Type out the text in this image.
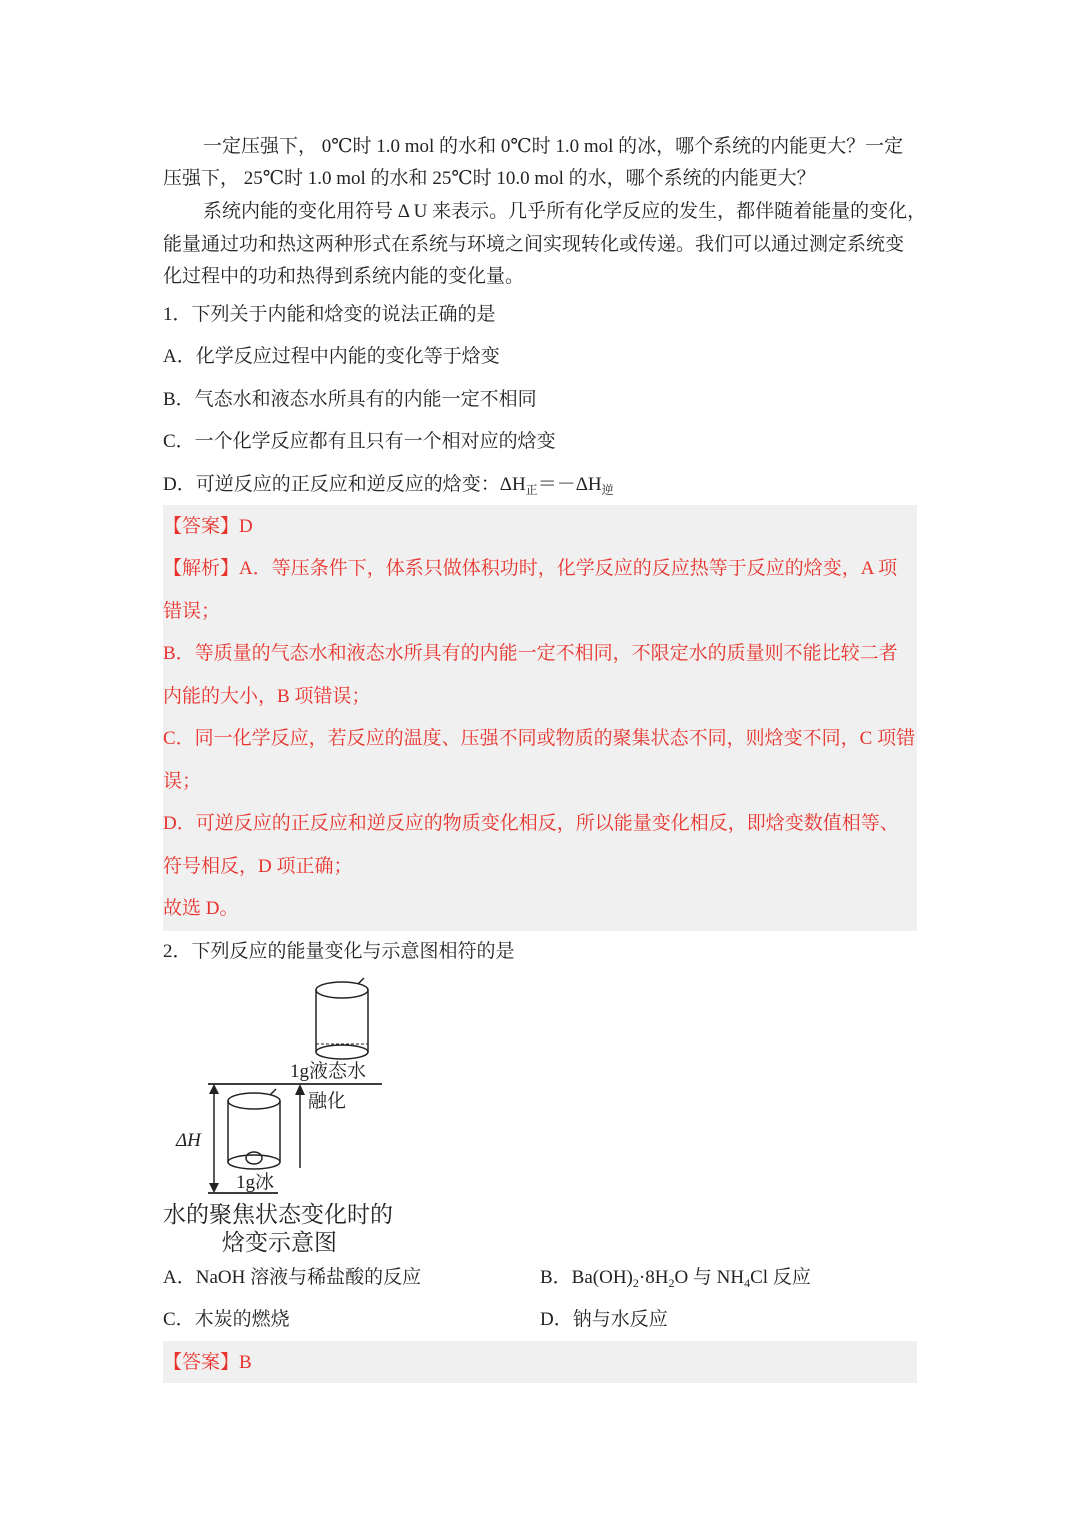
一定压强下， 0℃时 1.0 mol 的水和 0℃时 1.0 mol 的冰，哪个系统的内能更大？一定
压强下， 25℃时 1.0 mol 的水和 25℃时 10.0 mol 的水，哪个系统的内能更大？
系统内能的变化用符号 Δ U 来表示。几乎所有化学反应的发生，都伴随着能量的变化，
能量通过功和热这两种形式在系统与环境之间实现转化或传递。我们可以通过测定系统变
化过程中的功和热得到系统内能的变化量。
1．下列关于内能和焓变的说法正确的是
A．化学反应过程中内能的变化等于焓变
B．气态水和液态水所具有的内能一定不相同
C．一个化学反应都有且只有一个相对应的焓变
D．可逆反应的正反应和逆反应的焓变：$\Delta H_正=-\Delta H_逆$
【答案】D
【解析】A．等压条件下，体系只做体积功时，化学反应的反应热等于反应的焓变，A 项
错误；
B．等质量的气态水和液态水所具有的内能一定不相同，不限定水的质量则不能比较二者
内能的大小，B 项错误；
C．同一化学反应，若反应的温度、压强不同或物质的聚集状态不同，则焓变不同，C 项错
误；
D．可逆反应的正反应和逆反应的物质变化相反，所以能量变化相反，即焓变数值相等、
符号相反，D 项正确；
故选 D。
2．下列反应的能量变化与示意图相符的是
1g液态水
融化
ΔH
1g冰
水的聚焦状态变化时的
焓变示意图
A．NaOH 溶液与稀盐酸的反应	B．$Ba(OH)_2\cdot 8H_2O$ 与 $NH_4Cl$ 反应
C．木炭的燃烧	D．钠与水反应
【答案】B
